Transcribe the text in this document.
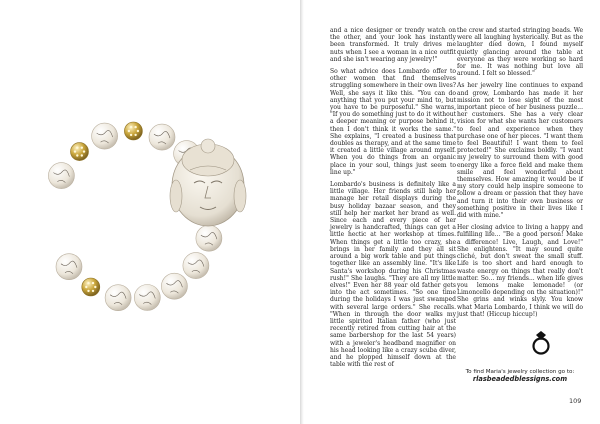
and a nice designer or trendy watch on the other, and your look has instantly been transformed. It truly drives me nuts when I see a woman in a nice outfit and she isn't wearing any jewelry!"

So what advice does Lombardo offer to other women that find themselves struggling somewhere in their own lives? Well, she says it like this. "You can do anything that you put your mind to, but you have to be purposeful." She warns, "If you do something just to do it without a deeper meaning or purpose behind it, then I don't think it works the same." She explains, "I created a business that doubles as therapy, and at the same time it created a little village around myself. When you do things from an organic place in your soul, things just seem to line up."

Lombardo's business is definitely like a little village. Her friends still help her manage her retail displays during the busy holiday bazaar season, and they still help her market her brand as well. Since each and every piece of her jewelry is handcrafted, things can get a little hectic at her workshop at times. When things get a little too crazy, she brings in her family and they all sit around a big work table and put things together like an assembly line. "It's like Santa's workshop during his Christmas rush!" She laughs. "They are all my little elves!" Even her 88 year old father gets into the act sometimes. "So one time during the holidays I was just swamped with several large orders." She recalls. "When in through the door walks my little spirited Italian father (who just recently retired from cutting hair at the same barbershop for the last 54 years) with a jeweler's headband magnifier on his head looking like a crazy scuba diver, and he plopped himself down at the table with the rest of

the crew and started stringing beads. We were all laughing hysterically. But as the laughter died down, I found myself quietly glancing around the table at everyone as they were working so hard for me. It was nothing but love all around. I felt so blessed."

As her jewelry line continues to expand and grow, Lombardo has made it her mission not to lose sight of the most important piece of her business puzzle... her customers. She has a very clear vision for what she wants her customers to feel and experience when they purchase one of her pieces. "I want them to feel Beautiful! I want them to feel protected!" She exclaims boldly. "I want my jewelry to surround them with good energy like a force field and make them smile and feel wonderful about themselves. How amazing it would be if my story could help inspire someone to follow a dream or passion that they have and turn it into their own business or something positive in their lives like I did with mine."

Her closing advice to living a happy and fulfilling life... "Be a good person! Make a difference! Live, Laugh, and Love!" She enlightens. "It may sound quite cliché, but don't sweat the small stuff. Life is too short and hard enough to waste energy on things that really don't matter. So... my friends... when life gives you lemons make lemonade! (or Limoncello depending on the situation)!" She grins and winks slyly. You know what Maria Lombardo, I think we will do just that! (Hiccup hiccup!)

To find Maria's jewelry collection go to:
rlasbeadedblessigns.com
109
